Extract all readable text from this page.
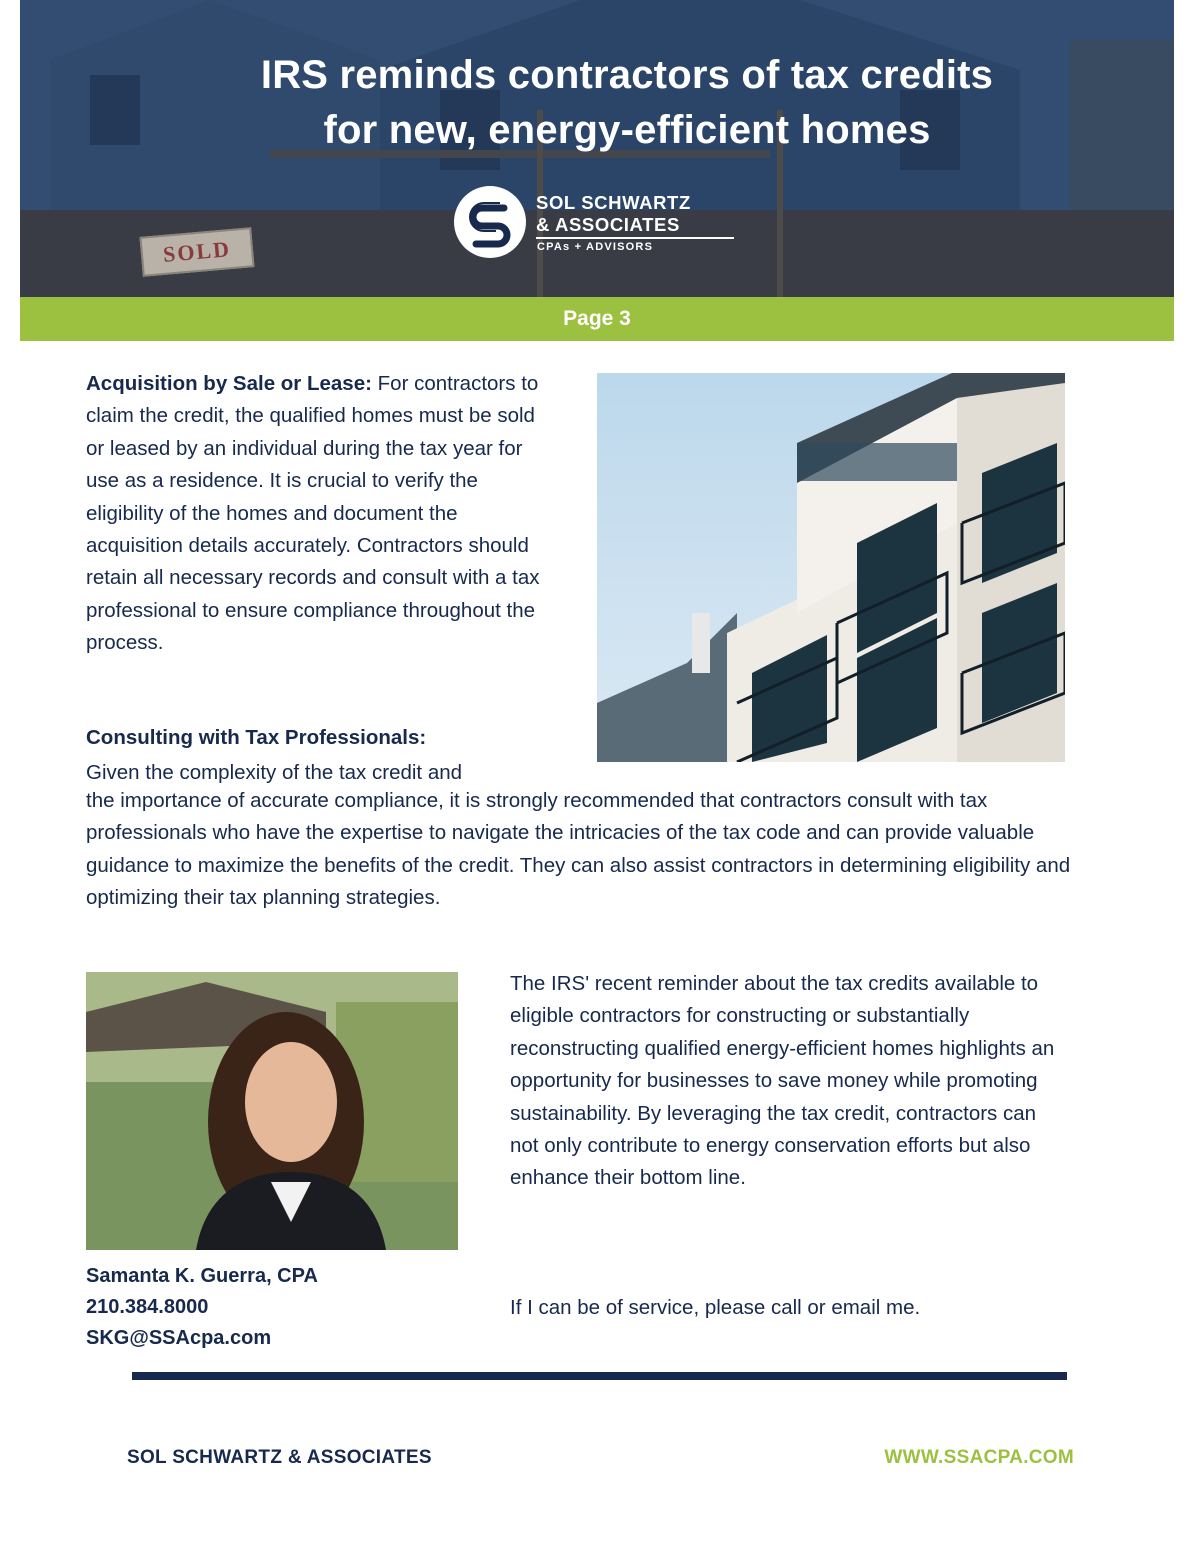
SOLD
IRS reminds contractors of tax credits
for new, energy-efficient homes
SOL SCHWARTZ
& ASSOCIATES
CPAs + ADVISORS
Page 3
Acquisition by Sale or Lease: For contractors to claim the credit, the qualified homes must be sold or leased by an individual during the tax year for use as a residence. It is crucial to verify the eligibility of the homes and document the acquisition details accurately. Contractors should retain all necessary records and consult with a tax professional to ensure compliance throughout the process.
Consulting with Tax Professionals:
Given the complexity of the tax credit and
the importance of accurate compliance, it is strongly recommended that contractors consult with tax professionals who have the expertise to navigate the intricacies of the tax code and can provide valuable guidance to maximize the benefits of the credit. They can also assist contractors in determining eligibility and optimizing their tax planning strategies.
The IRS' recent reminder about the tax credits available to eligible contractors for constructing or substantially reconstructing qualified energy-efficient homes highlights an opportunity for businesses to save money while promoting sustainability. By leveraging the tax credit, contractors can not only contribute to energy conservation efforts but also enhance their bottom line.
If I can be of service, please call or email me.
Samanta K. Guerra, CPA
210.384.8000
SKG@SSAcpa.com
SOL SCHWARTZ & ASSOCIATES	WWW.SSACPA.COM
